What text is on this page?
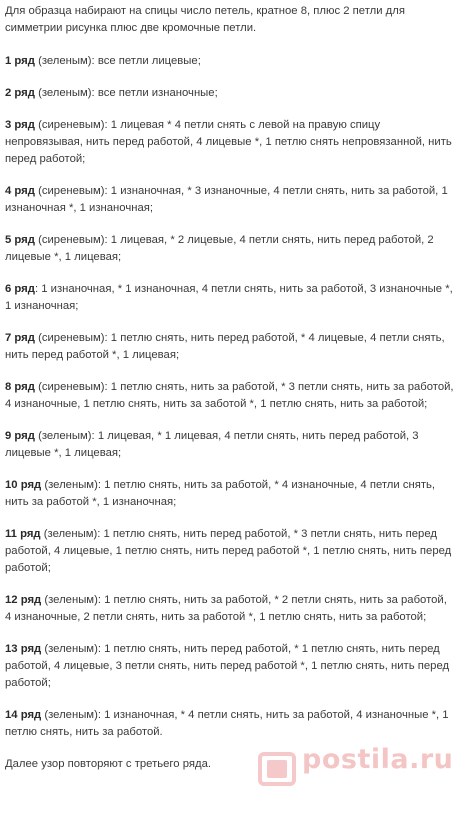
Для образца набирают на спицы число петель, кратное 8, плюс 2 петли для симметрии рисунка плюс две кромочные петли.

1 ряд (зеленым): все петли лицевые;

2 ряд (зеленым): все петли изнаночные;

3 ряд (сиреневым): 1 лицевая * 4 петли снять с левой на правую спицу непровязывая, нить перед работой, 4 лицевые *, 1 петлю снять непровязанной, нить перед работой;

4 ряд (сиреневым): 1 изнаночная, * 3 изнаночные, 4 петли снять, нить за работой, 1 изнаночная *, 1 изнаночная;

5 ряд (сиреневым): 1 лицевая, * 2 лицевые, 4 петли снять, нить перед работой, 2 лицевые *, 1 лицевая;

6 ряд: 1 изнаночная, * 1 изнаночная, 4 петли снять, нить за работой, 3 изнаночные *, 1 изнаночная;

7 ряд (сиреневым): 1 петлю снять, нить перед работой, * 4 лицевые, 4 петли снять, нить перед работой *, 1 лицевая;

8 ряд (сиреневым): 1 петлю снять, нить за работой, * 3 петли снять, нить за работой, 4 изнаночные, 1 петлю снять, нить за заботой *, 1 петлю снять, нить за работой;

9 ряд (зеленым): 1 лицевая, * 1 лицевая, 4 петли снять, нить перед работой, 3 лицевые *, 1 лицевая;

10 ряд (зеленым): 1 петлю снять, нить за работой, * 4 изнаночные, 4 петли снять, нить за работой *, 1 изнаночная;

11 ряд (зеленым): 1 петлю снять, нить перед работой, * 3 петли снять, нить перед работой, 4 лицевые, 1 петлю снять, нить перед работой *, 1 петлю снять, нить перед работой;

12 ряд (зеленым): 1 петлю снять, нить за работой, * 2 петли снять, нить за работой, 4 изнаночные, 2 петли снять, нить за работой *, 1 петлю снять, нить за работой;

13 ряд (зеленым): 1 петлю снять, нить перед работой, * 1 петлю снять, нить перед работой, 4 лицевые, 3 петли снять, нить перед работой *, 1 петлю снять, нить перед работой;

14 ряд (зеленым): 1 изнаночная, * 4 петли снять, нить за работой, 4 изнаночные *, 1 петлю снять, нить за работой.

Далее узор повторяют с третьего ряда.	postila.ru
